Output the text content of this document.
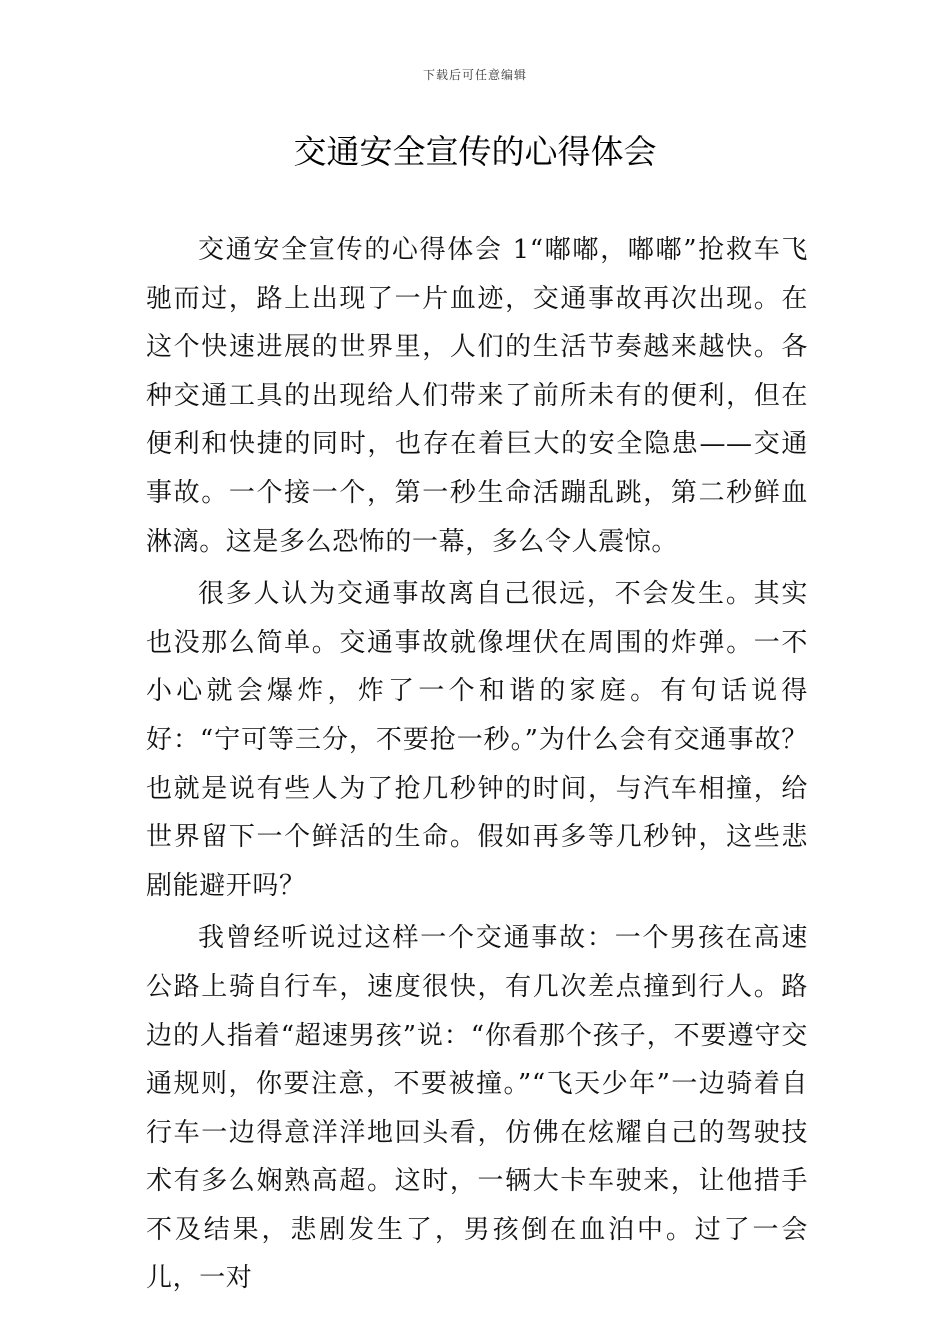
下载后可任意编辑
交通安全宣传的心得体会

交通安全宣传的心得体会 1“嘟嘟，嘟嘟”抢救车飞驰而过，路上出现了一片血迹，交通事故再次出现。在这个快速进展的世界里，人们的生活节奏越来越快。各种交通工具的出现给人们带来了前所未有的便利，但在便利和快捷的同时，也存在着巨大的安全隐患——交通事故。一个接一个，第一秒生命活蹦乱跳，第二秒鲜血淋漓。这是多么恐怖的一幕，多么令人震惊。

很多人认为交通事故离自己很远，不会发生。其实也没那么简单。交通事故就像埋伏在周围的炸弹。一不小心就会爆炸，炸了一个和谐的家庭。有句话说得好：“宁可等三分，不要抢一秒。”为什么会有交通事故？也就是说有些人为了抢几秒钟的时间，与汽车相撞，给世界留下一个鲜活的生命。假如再多等几秒钟，这些悲剧能避开吗？

我曾经听说过这样一个交通事故：一个男孩在高速公路上骑自行车，速度很快，有几次差点撞到行人。路边的人指着“超速男孩”说：“你看那个孩子，不要遵守交通规则，你要注意，不要被撞。”“飞天少年”一边骑着自行车一边得意洋洋地回头看，仿佛在炫耀自己的驾驶技术有多么娴熟高超。这时，一辆大卡车驶来，让他措手不及结果，悲剧发生了，男孩倒在血泊中。过了一会儿，一对
